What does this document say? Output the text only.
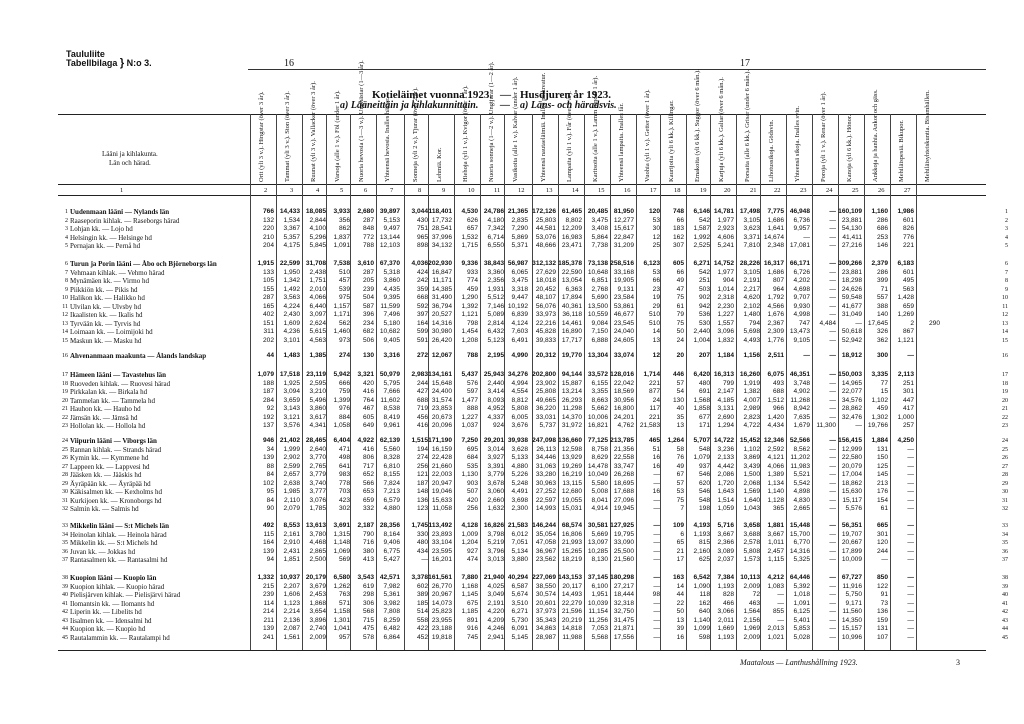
Taululiite
Tabellbilaga } N:o 3.	16	17
Kotieläimet vuonna 1923. — Husdjuren år 1923.
a) Lääneittäin ja kihlakunnittain. — a) Läns- och häradsvis.
Lääni ja kihlakunta.
Län och härad.	Orit (yli 3 v.). Hingstar (över 3 år).	Tammat (yli 3 v.). Ston (över 3 år).	Ruunat (yli 3 v.). Vallacker (över 3 år).	Varsoja (alle 1 v.). Föl (under 1 år).	Nuoria hevosia (1—3 v.). Unghästar (1—3 år).	Yhteensä hevosia. Inalles hästar.	Sonneja (yli 2 v.). Tjurar (över 2 år).	Lehmiä. Kor.	Hiehoja (yli 1 v.). Kvigor (över 1 år).	Nuoria sonneja (1—2 v.). Ungtjurar (1—2 år).	Vasikoita (alle 1 v.). Kalvar (under 1 år).	Yhteensä nautaeläimiä. Inalles nötkreatur.	Lampaita (yli 1 v.). Får (över 1 år).	Karitsoita (alle 1 v.). Lamm (under 1 år).	Yhteensä lampaita. Inalles får.	Vuohia (yli 1 v.). Getter (över 1 år).	Kaurijoita (yli 6 kk.). Killingar.	Emakoita (yli 6 kk.). Suggor (över 6 mån.).	Karjuja (yli 6 kk.). Galtar (över 6 mån.).	Porsaita (alle 6 kk.). Grisar (under 6 mån.).	Lihotussikoja. Gödsvin.	Yhteensä sikoja. Inalles svin.	Poroja (yli 1 v.). Renar (över 1 år).	Kanoja (yli 6 kk.). Hönor.	Ankkoja ja hanhia. Ankor och gäss.	Mehiläispesiä. Bikupor.	Mehiläisyhteiskuntia. Bisamhällen.
1	2	3	4	5	6	7	8	9	10	11	12	13	14	15	16	17	18	19	20	21	22	23	24	25	26	27
1 Uudenmaan lääni — Nylands län	766 14,433 18,085	3,933	2,680 39,897	3,044 118,401	4,530 24,786 21,365 172,126 61,465 20,485 81,950	120	748	6,146 14,781 17,498	7,775 46,948	— 160,109	1,160	1,986	1
2 Raaseporin kihlak. — Raseborgs härad	132	1,534	2,844	356	287	5,153	430 17,732	626	4,180	2,835	25,803	8,802	3,475 12,277	53	66	542	1,977	3,105	1,686	6,736	— 23,881	286	601	2
3 Lohjan kk. — Lojo hd	220	3,367	4,100	862	848	9,497	751 28,541	657	7,342	7,290	44,581 12,209	3,408 15,617	30	183	1,587	2,923	3,623	1,641	9,957	— 54,130	686	826	3
4 Helsingin kk. — Helsinge hd	210	5,357	5,296	1,837	772 13,144	965 37,996	1,532	6,714	5,869	53,076 16,983	5,864 22,847	12	162	1,992	4,606	3,371 14,674	—	— 41,411	253	776	4
5 Pernajan kk. — Pernå hd	204	4,175	5,845	1,091	788 12,103	898 34,132	1,715	6,550	5,371	48,666 23,471	7,738 31,209	25	307	2,525	5,241	7,810	2,348 17,081	— 27,216	146	221	5
6 Turun ja Porin lääni — Åbo och Björneborgs län	1,915 22,599 31,708	7,538	3,610 67,370	4,036 202,930	9,336 38,843 56,987 312,132 185,378 73,138 258,516	6,123	605	6,271 14,752 28,226 16,317 66,171	— 309,266	2,379	6,183	6
7 Vehmaan kihlak. — Vehmo härad	133	1,950	2,438	510	287	5,318	424 16,847	933	3,360	6,065	27,629 22,590 10,648 33,168	53	66	542	1,977	3,105	1,686	6,726	— 23,881	286	601	7
8 Mynämäen kk. — Virmo hd	105	1,342	1,751	457	205	3,860	242 11,171	774	2,356	3,475	18,018 13,054	6,851 19,905	66	49	251	904	2,191	807	4,202	— 18,298	399	495	8
9 Piikkiön kk. — Pikis hd	155	1,492	2,010	539	239	4,435	359 14,385	459	1,931	3,318	20,452	6,363	2,768	9,131	23	47	503	1,014	2,217	964	4,698	— 24,626	71	563	9
10 Halikon kk. — Halikko hd	287	3,563	4,066	975	504	9,395	668 31,490	1,290	5,512	9,447	48,107 17,894	5,690 23,584	19	75	902	2,318	4,620	1,792	9,707	— 59,548	557	1,428	10
11 Ulvilan kk. — Ulvsby hd	165	4,224	6,440	1,157	587 11,599	592 36,794	1,392	7,146 10,192	56,076 40,361 13,500 53,861	29	61	942	2,230	2,102	4,566	9,930	— 41,677	388	659	11
12 Ikaalisten kk. — Ikalis hd	402	2,430	3,097	1,171	396	7,496	397 20,527	1,121	5,089	6,839	33,973 36,118 10,559 46,677	510	79	536	1,227	1,480	1,676	4,998	— 31,049	140	1,269	12
13 Tyrvään kk. — Tyrvis hd	151	1,609	2,624	562	234	5,180	164 14,316	798	2,814	4,124	22,216 14,461	9,084 23,545	510	75	530	1,557	794	2,367	747	4,484	— 17,645	2	290	13
14 Loimaan kk. — Loimijoki hd	311	4,236	5,615	1,460	682 10,682	599 30,980	1,454	6,432	7,603	45,828 16,890	7,150 24,040	14	50	2,440	3,096	5,698	2,309 13,473	— 50,618	326	867	14
15 Maskun kk. — Masku hd	202	3,101	4,563	973	506	9,405	591 26,420	1,208	5,123	6,491	39,833 17,717	6,888 24,605	13	24	1,004	1,832	4,493	1,776	9,105	— 52,942	362	1,121	15
16 Ahvenanmaan maakunta — Ålands landskap	44	1,483	1,385	274	130	3,316	272 12,067	788	2,195	4,990	20,312 19,770 13,304 33,074	12	20	207	1,184	1,156	2,511	—	— 18,912	300	—	16
17 Hämeen lääni — Tavastehus län	1,079 17,518 23,119	5,942	3,321 50,979	2,983 134,161	5,437 25,943 34,276 202,800 94,144 33,572 128,016	1,714	446	6,420 16,313 16,260	6,075 46,351	— 150,003	3,335	2,113	17
18 Ruoveden kihlak. — Ruovesi härad	188	1,925	2,595	666	420	5,795	244 15,648	576	2,440	4,994	23,902 15,887	6,155 22,042	221	57	480	799	1,919	493	3,748	— 14,965	77	251	18
19 Pirkkalan kk. — Birkala hd	187	3,094	3,210	759	416	7,666	427 24,400	597	3,414	4,554	25,808 13,214	3,355 18,569	877	54	691	2,147	1,382	688	4,902	— 22,077	15	301	19
20 Tammelan kk. — Tammela hd	284	3,659	5,496	1,399	764 11,602	688 31,574	1,477	8,093	8,812	49,665 26,293	8,663 30,956	24	130	1,568	4,185	4,007	1,512 11,268	— 34,576	1,102	447	20
21 Hauhon kk. — Hauho hd	92	3,143	3,860	976	467	8,538	719 23,853	888	4,952	5,808	36,220 11,298	5,662 16,800	117	40	1,858	3,131	2,989	966	8,942	— 28,862	459	417	21
22 Jämsän kk. — Jämsä hd	192	3,121	3,617	884	605	8,419	456 20,673	1,227	4,337	6,005	33,031 14,370 10,006 24,201	221	35	677	2,690	2,823	1,420	7,635	— 32,476	1,302	1,000	22
23 Hollolan kk. — Hollola hd	137	3,576	4,341	1,058	649	9,961	416 20,096	1,037	924	3,676	5,737 31,972 16,821	4,762 21,583	13	171	1,294	4,722	4,434	1,679 11,300	— 19,766	257	23
24 Viipurin lääni — Viborgs län	946 21,402 28,465	6,404	4,922 62,139	1,515 171,190	7,250 29,201 39,938 247,098 136,660 77,125 213,785	465	1,264	5,707 14,722 15,452 12,346 52,566	— 156,415	1,884	4,250	24
25 Rannan kihlak. — Strands härad	34	1,999	2,640	471	416	5,560	194 16,159	695	3,014	3,628	26,113 12,598	8,758 21,356	51	58	548	3,236	1,102	2,592	8,562	— 12,999	131	—	25
26 Kymin kk. — Kymmene hd	139	2,902	3,770	498	806	8,328	274 22,428	684	3,927	5,133	34,446 13,929	8,629 22,558	16	76	1,079	2,133	3,869	4,121 11,202	— 22,580	150	—	26
27 Lappeen kk. — Lappvesi hd	88	2,599	2,765	641	717	6,810	256 21,660	535	3,391	4,880	31,063 19,269 14,478 33,747	16	49	937	4,442	3,439	4,066 11,983	— 20,079	125	—	27
28 Jääsken kk. — Jääskis hd	84	2,657	3,779	983	652	8,155	121 22,003	1,130	3,779	5,226	33,280 16,219 10,049 26,268	—	67	546	2,086	1,500	1,389	5,521	— 17,004	145	—	28
29 Äyräpään kk. — Äyräpää hd	102	2,638	3,740	778	566	7,824	187 20,947	903	3,678	5,248	30,963 13,115	5,580 18,695	—	57	620	1,720	2,068	1,134	5,542	— 18,862	213	—	29
30 Käkisalmen kk. — Kexholms hd	95	1,985	3,777	703	653	7,213	148 19,046	507	3,060	4,491	27,252 12,680	5,008 17,688	16	53	546	1,643	1,569	1,140	4,898	— 15,630	176	—	30
31 Kurkijoen kk. — Kronoborgs hd	84	2,110	3,076	423	659	6,579	136 15,633	420	2,660	3,698	22,597 19,055	8,041 27,096	—	75	548	1,514	1,640	1,128	4,830	— 15,117	154	—	31
32 Salmin kk. — Salmis hd	90	2,079	1,785	302	332	4,880	123 11,058	256	1,632	2,300	14,993 15,031	4,914 19,945	—	7	198	1,059	1,043	365	2,665	—	5,576	61	—	32
33 Mikkelin lääni — S:t Michels län	492	8,553 13,613	3,691	2,187 28,356	1,745 113,492	4,128 16,826 21,583 146,244 68,574 30,581 127,925	—	109	4,193	5,716	3,658	1,881 15,448	— 56,351	665	—	33
34 Heinolan kihlak. — Heinola härad	115	2,161	3,780	1,315	790	8,164	330 23,893	1,009	3,798	6,012	35,054 16,806	5,669 19,795	—	6	1,193	3,667	3,688	3,667 15,700	— 19,707	301	—	34
35 Mikkelin kk. — S:t Michels hd	164	2,910	4,468	1,148	716	9,406	480 33,104	1,204	5,219	7,051	47,058 21,993 13,097 33,090	—	65	815	2,366	2,578	1,011	6,770	— 20,667	120	—	35
36 Juvan kk. — Jokkas hd	139	2,431	2,865	1,069	380	6,775	434 23,595	927	3,796	5,134	36,967 15,265 10,285 25,500	—	21	2,160	3,089	5,808	2,457 14,316	— 17,899	244	—	36
37 Rantasalmen kk. — Rantasalmi hd	94	1,851	2,500	569	413	5,427	— 16,201	474	3,013	3,880	23,562 18,219	8,130 21,560	—	17	625	2,037	1,573	1,115	5,325	— 10,009	—	—	37
38 Kuopion lääni — Kuopio län	1,332 10,937 20,179	6,580	3,543 42,571	3,378 161,561	7,880 21,940 40,294 227,069 143,153 37,145 180,298	—	163	6,542	7,384 10,113	4,212 64,446	— 67,727	850	—	38
39 Kuopion kihlak. — Kuopio härad	215	2,207	3,679	1,262	619	7,982	602 26,770	1,168	4,025	6,587	38,550 20,117	6,100 27,217	—	14	1,090	1,193	2,009	1,083	5,392	— 11,916	122	—	39
40 Pielisjärven kihlak. — Pielisjärvi härad	239	1,606	2,453	763	298	5,361	389 20,967	1,145	3,049	5,674	30,574 14,493	1,951 18,444	98	44	118	828	72	—	1,018	—	5,750	91	—	40
41 Ilomantsin kk. — Ilomants hd	114	1,123	1,868	571	306	3,982	185 14,073	675	2,191	3,510	20,601 22,279 10,039 32,318	—	22	162	466	463	—	1,091	—	9,171	73	—	41
42 Liperin kk. — Libelits hd	214	2,214	3,654	1,158	568	7,808	514 25,823	1,185	4,220	6,271	37,973 21,596 11,154 32,750	—	50	640	3,066	1,564	855	6,125	— 11,560	136	—	42
43 Iisalmen kk. — Idensalmi hd	211	2,136	3,896	1,301	715	8,259	558 23,955	891	4,209	5,730	35,343 20,219 11,256 31,475	—	13	1,140	2,011	2,156	—	5,401	— 14,350	159	—	43
44 Kuopion kk. — Kuopio hd	139	2,087	2,740	1,041	475	6,482	422 23,188	916	4,246	6,091	34,863 14,818	7,053 21,871	—	39	1,099	1,669	1,969	2,013	5,853	— 15,157	131	—	44
45 Rautalammin kk. — Rautalampi hd	241	1,561	2,009	957	578	6,864	452 19,818	745	2,941	5,145	28,987 11,988	5,568 17,556	—	16	598	1,193	2,009	1,021	5,028	— 10,996	107	—	45
Maatalous — Lanthushållning 1923.	3
